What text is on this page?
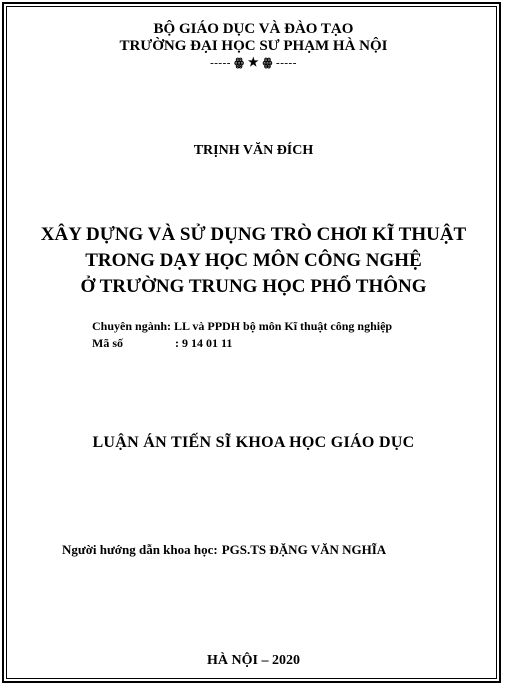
BỘ GIÁO DỤC VÀ ĐÀO TẠO
TRƯỜNG ĐẠI HỌC SƯ PHẠM HÀ NỘI
----- ꙮ ★ ꙮ -----
TRỊNH VĂN ĐÍCH
XÂY DỰNG VÀ SỬ DỤNG TRÒ CHƠI KĨ THUẬT
TRONG DẠY HỌC MÔN CÔNG NGHỆ
Ở TRƯỜNG TRUNG HỌC PHỔ THÔNG
Chuyên ngành: LL và PPDH bộ môn Kĩ thuật công nghiệp
Mã số	: 9 14 01 11
LUẬN ÁN TIẾN SĨ KHOA HỌC GIÁO DỤC
Người hướng dẫn khoa học: PGS.TS ĐẶNG VĂN NGHĨA
HÀ NỘI – 2020
